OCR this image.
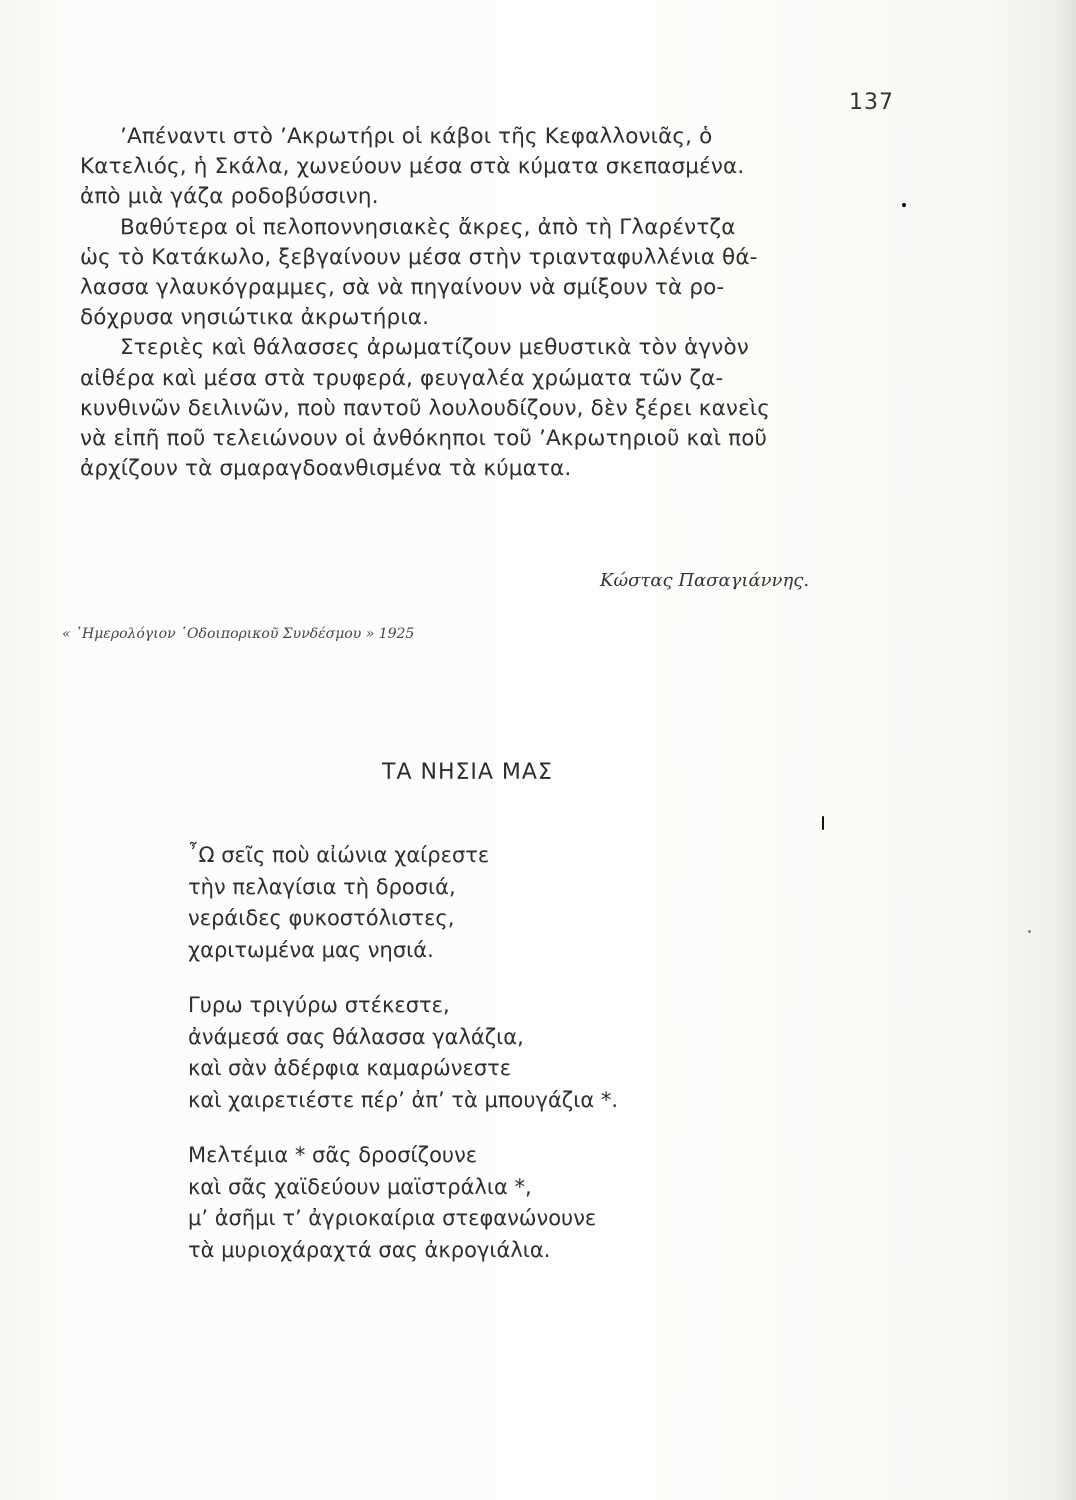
137
’Απέναντι στὸ ’Ακρωτήρι οἱ κάβοι τῆς Κεφαλλονιᾶς, ὁ
Κατελιός, ἡ Σκάλα, χωνεύουν μέσα στὰ κύματα σκεπασμένα.
ἀπὸ μιὰ γάζα ροδοβύσσινη.
Βαθύτερα οἱ πελοποννησιακὲς ἄκρες, ἀπὸ τὴ Γλαρέντζα
ὡς τὸ Κατάκωλο, ξεβγαίνουν μέσα στὴν τριανταφυλλένια θά-
λασσα γλαυκόγραμμες, σὰ νὰ πηγαίνουν νὰ σμίξουν τὰ ρο-
δόχρυσα νησιώτικα ἀκρωτήρια.
Στεριὲς καὶ θάλασσες ἀρωματίζουν μεθυστικὰ τὸν ἁγνὸν
αἰθέρα καὶ μέσα στὰ τρυφερά, φευγαλέα χρώματα τῶν ζα-
κυνθινῶν δειλινῶν, ποὺ παντοῦ λουλουδίζουν, δὲν ξέρει κανεὶς
νὰ εἰπῆ ποῦ τελειώνουν οἱ ἀνθόκηποι τοῦ ’Ακρωτηριοῦ καὶ ποῦ
ἀρχίζουν τὰ σμαραγδοανθισμένα τὰ κύματα.
Κώστας Πασαγιάννης.
« ῾Ημερολόγιον ῾Οδοιπορικοῦ Συνδέσμου » 1925
ΤΑ ΝΗΣΙΑ ΜΑΣ
῏Ω σεῖς ποὺ αἰώνια χαίρεστε
τὴν πελαγίσια τὴ δροσιά,
νεράιδες φυκοστόλιστες,
χαριτωμένα μας νησιά.
Γυρω τριγύρω στέκεστε,
ἀνάμεσά σας θάλασσα γαλάζια,
καὶ σὰν ἀδέρφια καμαρώνεστε
καὶ χαιρετιέστε πέρ’ ἀπ’ τὰ μπουγάζια *.
Μελτέμια * σᾶς δροσίζουνε
καὶ σᾶς χαϊδεύουν μαϊστράλια *,
μ’ ἀσῆμι τ’ ἀγριοκαίρια στεφανώνουνε
τὰ μυριοχάραχτά σας ἀκρογιάλια.
